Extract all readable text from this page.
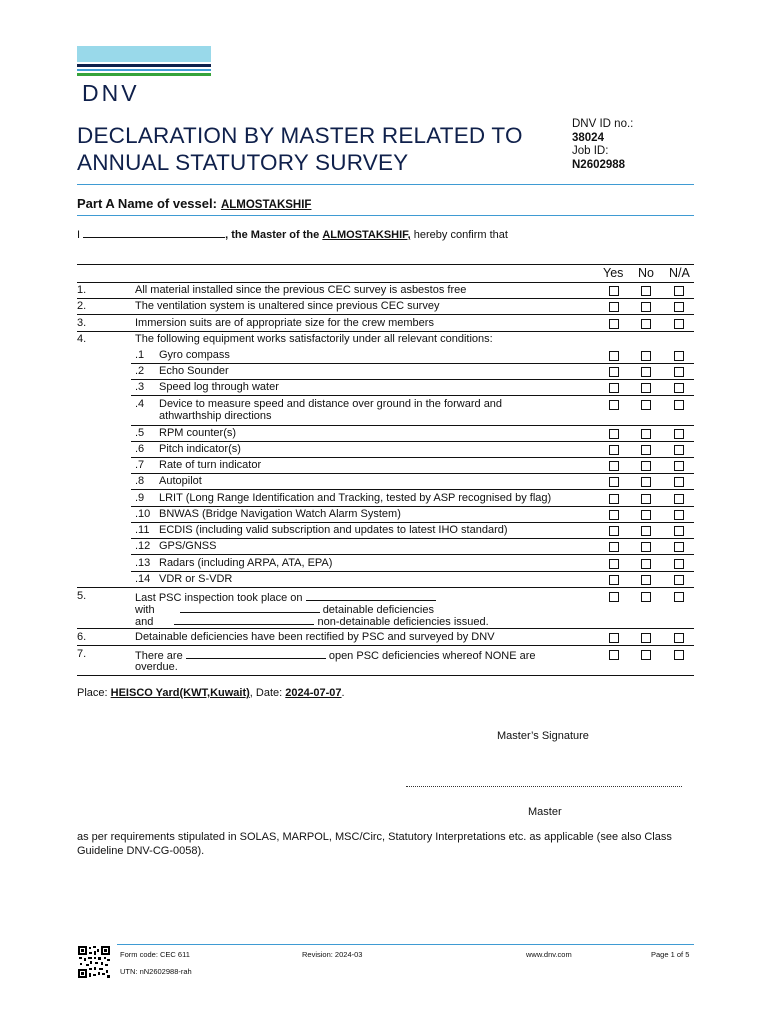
DNV
DECLARATION BY MASTER RELATED TO
ANNUAL STATUTORY SURVEY
DNV ID no.:
38024
Job ID:
N2602988
Part A Name of vessel: ALMOSTAKSHIF
I	, the Master of the ALMOSTAKSHIF, hereby confirm that
Yes No N/A
1.	All material installed since the previous CEC survey is asbestos free
2.	The ventilation system is unaltered since previous CEC survey
3.	Immersion suits are of appropriate size for the crew members
4.	The following equipment works satisfactorily under all relevant conditions:
.1 Gyro compass
.2 Echo Sounder
.3 Speed log through water
.4 Device to measure speed and distance over ground in the forward and
athwarthship directions
.5 RPM counter(s)
.6 Pitch indicator(s)
.7 Rate of turn indicator
.8 Autopilot
.9 LRIT (Long Range Identification and Tracking, tested by ASP recognised by flag)
.10 BNWAS (Bridge Navigation Watch Alarm System)
.11 ECDIS (including valid subscription and updates to latest IHO standard)
.12 GPS/GNSS
.13 Radars (including ARPA, ATA, EPA)
.14 VDR or S-VDR
5.	Last PSC inspection took place on
with	detainable deficiencies
and	non-detainable deficiencies issued.
6.	Detainable deficiencies have been rectified by PSC and surveyed by DNV
7.	There are	open PSC deficiencies whereof NONE are
overdue.
Place: HEISCO Yard(KWT,Kuwait), Date: 2024-07-07.
Master’s Signature
Master
as per requirements stipulated in SOLAS, MARPOL, MSC/Circ, Statutory Interpretations etc. as applicable (see also Class Guideline DNV-CG-0058).
Form code: CEC 611	Revision: 2024-03	www.dnv.com	Page 1 of 5
UTN: nN2602988-rah
